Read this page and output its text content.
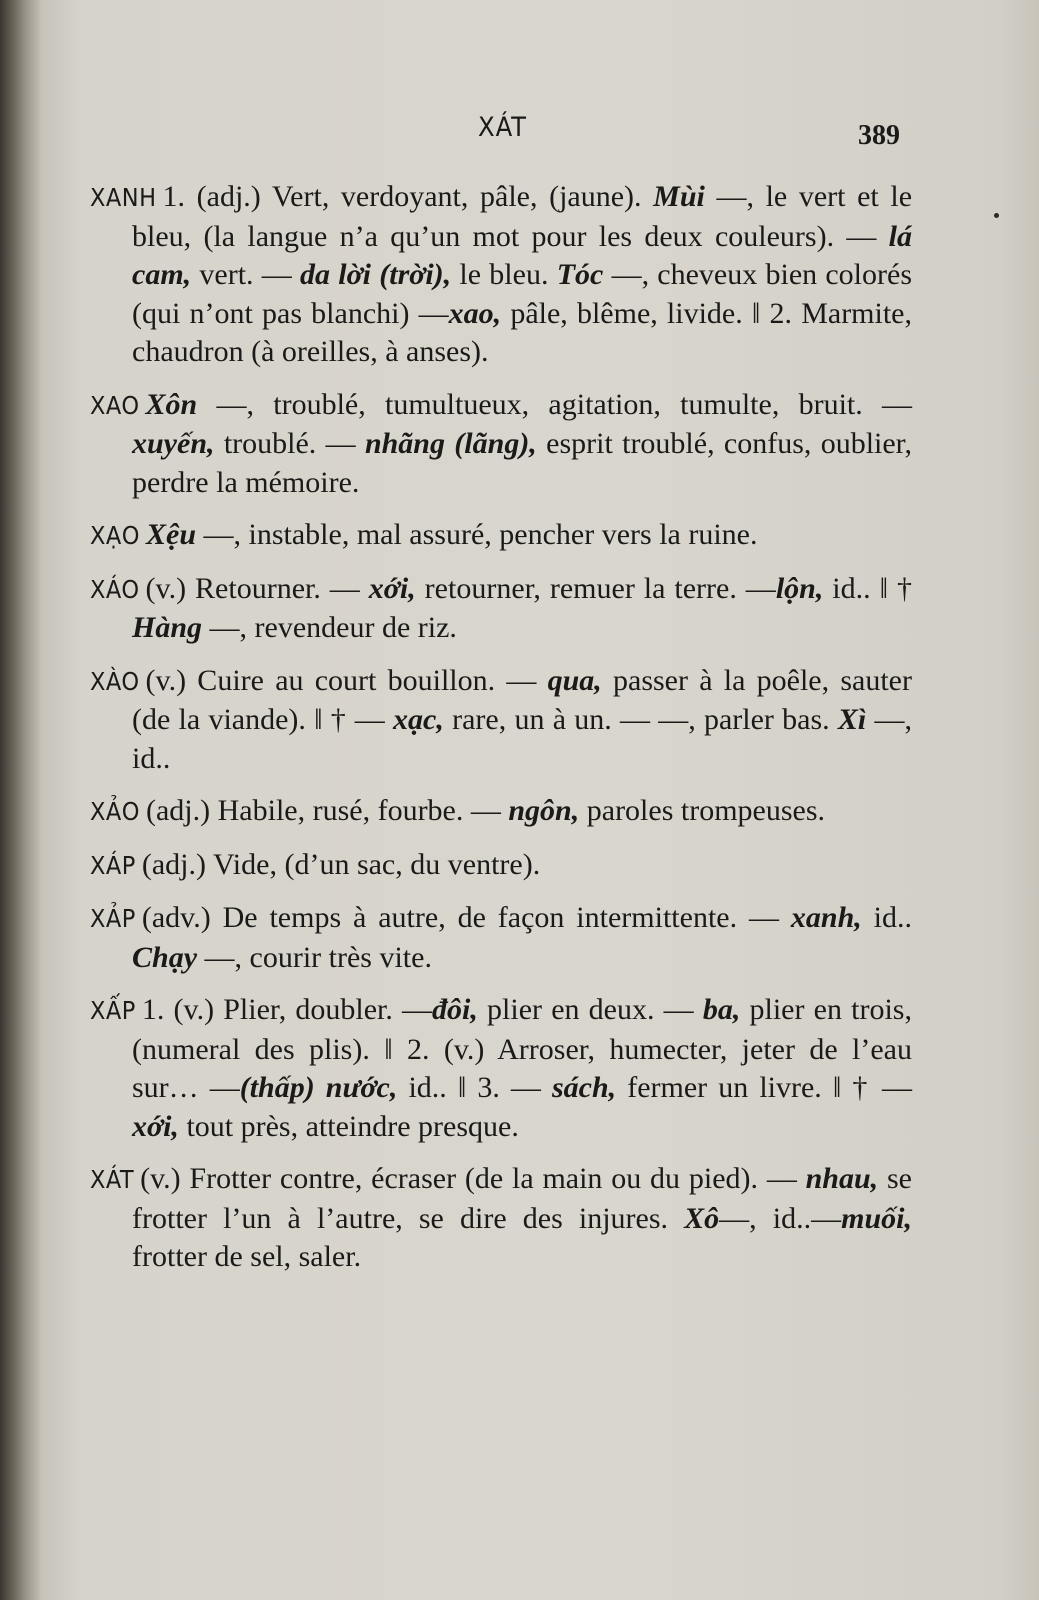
XÁT	389

XANH 1. (adj.) Vert, verdoyant, pâle, (jaune). Mùi —, le vert et le bleu, (la langue n’a qu’un mot pour les deux couleurs). — lá cam, vert. — da lời (trời), le bleu. Tóc —, cheveux bien colorés (qui n’ont pas blanchi) —xao, pâle, blême, livide. ‖ 2. Marmite, chaudron (à oreilles, à anses).

XAO Xôn —, troublé, tumultueux, agitation, tumulte, bruit. —xuyến, troublé. — nhãng (lãng), esprit troublé, confus, oublier, perdre la mémoire.

XẠO Xệu —, instable, mal assuré, pencher vers la ruine.

XÁO (v.) Retourner. — xới, retourner, remuer la terre. —lộn, id.. ‖ † Hàng —, revendeur de riz.

XÀO (v.) Cuire au court bouillon. — qua, passer à la poêle, sauter (de la viande). ‖ † — xạc, rare, un à un. — —, parler bas. Xì —, id..

XẢO (adj.) Habile, rusé, fourbe. — ngôn, paroles trompeuses.

XÁP (adj.) Vide, (d’un sac, du ventre).

XẢP (adv.) De temps à autre, de façon intermittente. — xanh, id.. Chạy —, courir très vite.

XẤP 1. (v.) Plier, doubler. —đôi, plier en deux. — ba, plier en trois, (numeral des plis). ‖ 2. (v.) Arroser, humecter, jeter de l’eau sur… —(thấp) nước, id.. ‖ 3. — sách, fermer un livre. ‖ † — xới, tout près, atteindre presque.

XÁT (v.) Frotter contre, écraser (de la main ou du pied). — nhau, se frotter l’un à l’autre, se dire des injures. Xô—, id..—muối, frotter de sel, saler.
